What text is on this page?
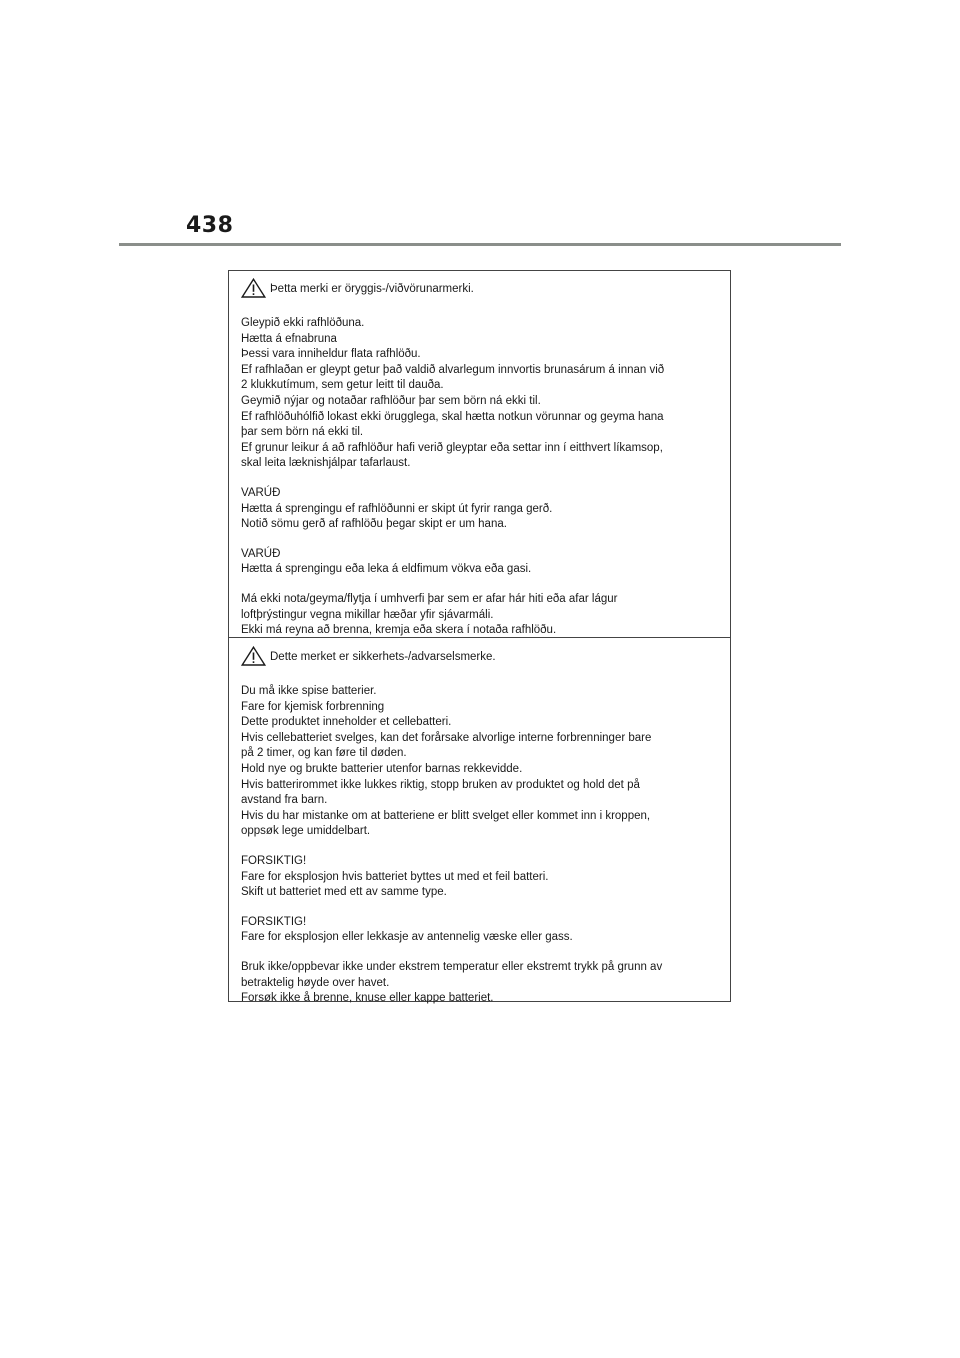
438
Þetta merki er öryggis-/viðvörunarmerki.
Gleypið ekki rafhlöðuna.
Hætta á efnabruna
Þessi vara inniheldur flata rafhlöðu.
Ef rafhlaðan er gleypt getur það valdið alvarlegum innvortis brunasárum á innan við
2 klukkutímum, sem getur leitt til dauða.
Geymið nýjar og notaðar rafhlöður þar sem börn ná ekki til.
Ef rafhlöðuhólfið lokast ekki örugglega, skal hætta notkun vörunnar og geyma hana
þar sem börn ná ekki til.
Ef grunur leikur á að rafhlöður hafi verið gleyptar eða settar inn í eitthvert líkamsop,
skal leita læknishjálpar tafarlaust.
VARÚÐ
Hætta á sprengingu ef rafhlöðunni er skipt út fyrir ranga gerð.
Notið sömu gerð af rafhlöðu þegar skipt er um hana.
VARÚÐ
Hætta á sprengingu eða leka á eldfimum vökva eða gasi.
Má ekki nota/geyma/flytja í umhverfi þar sem er afar hár hiti eða afar lágur
loftþrýstingur vegna mikillar hæðar yfir sjávarmáli.
Ekki má reyna að brenna, kremja eða skera í notaða rafhlöðu.
Dette merket er sikkerhets-/advarselsmerke.
Du må ikke spise batterier.
Fare for kjemisk forbrenning
Dette produktet inneholder et cellebatteri.
Hvis cellebatteriet svelges, kan det forårsake alvorlige interne forbrenninger bare
på 2 timer, og kan føre til døden.
Hold nye og brukte batterier utenfor barnas rekkevidde.
Hvis batterirommet ikke lukkes riktig, stopp bruken av produktet og hold det på
avstand fra barn.
Hvis du har mistanke om at batteriene er blitt svelget eller kommet inn i kroppen,
oppsøk lege umiddelbart.
FORSIKTIG!
Fare for eksplosjon hvis batteriet byttes ut med et feil batteri.
Skift ut batteriet med ett av samme type.
FORSIKTIG!
Fare for eksplosjon eller lekkasje av antennelig væske eller gass.
Bruk ikke/oppbevar ikke under ekstrem temperatur eller ekstremt trykk på grunn av
betraktelig høyde over havet.
Forsøk ikke å brenne, knuse eller kappe batteriet.
